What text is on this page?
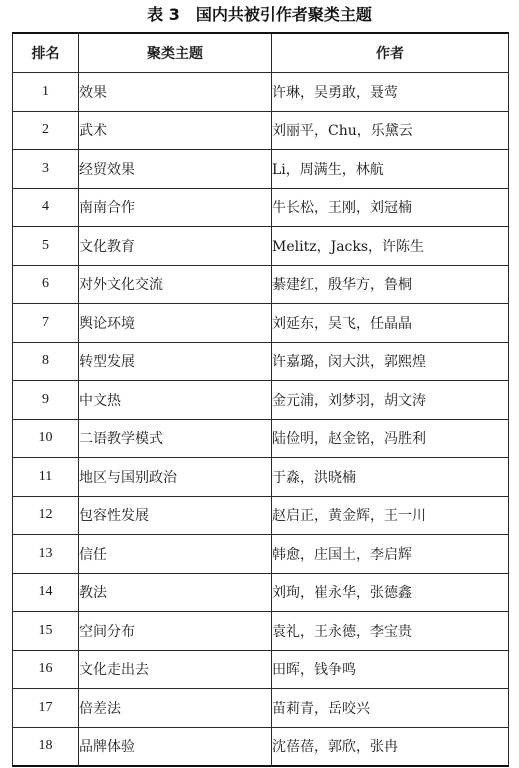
表 3　国内共被引作者聚类主题
排名	聚类主题	作者
1	效果	许琳，吴勇敢，聂莺
2	武术	刘丽平，Chu，乐黛云
3	经贸效果	Li，周满生，林航
4	南南合作	牛长松，王刚，刘冠楠
5	文化教育	Melitz，Jacks，许陈生
6	对外文化交流	綦建红，殷华方，鲁桐
7	舆论环境	刘延东，吴飞，任晶晶
8	转型发展	许嘉璐，闵大洪，郭熙煌
9	中文热	金元浦，刘梦羽，胡文涛
10	二语教学模式	陆俭明，赵金铭，冯胜利
11	地区与国别政治	于淼，洪晓楠
12	包容性发展	赵启正，黄金辉，王一川
13	信任	韩愈，庄国土，李启辉
14	教法	刘珣，崔永华，张德鑫
15	空间分布	袁礼，王永德，李宝贵
16	文化走出去	田晖，钱争鸣
17	倍差法	苗莉青，岳咬兴
18	品牌体验	沈蓓蓓，郭欣，张冉
